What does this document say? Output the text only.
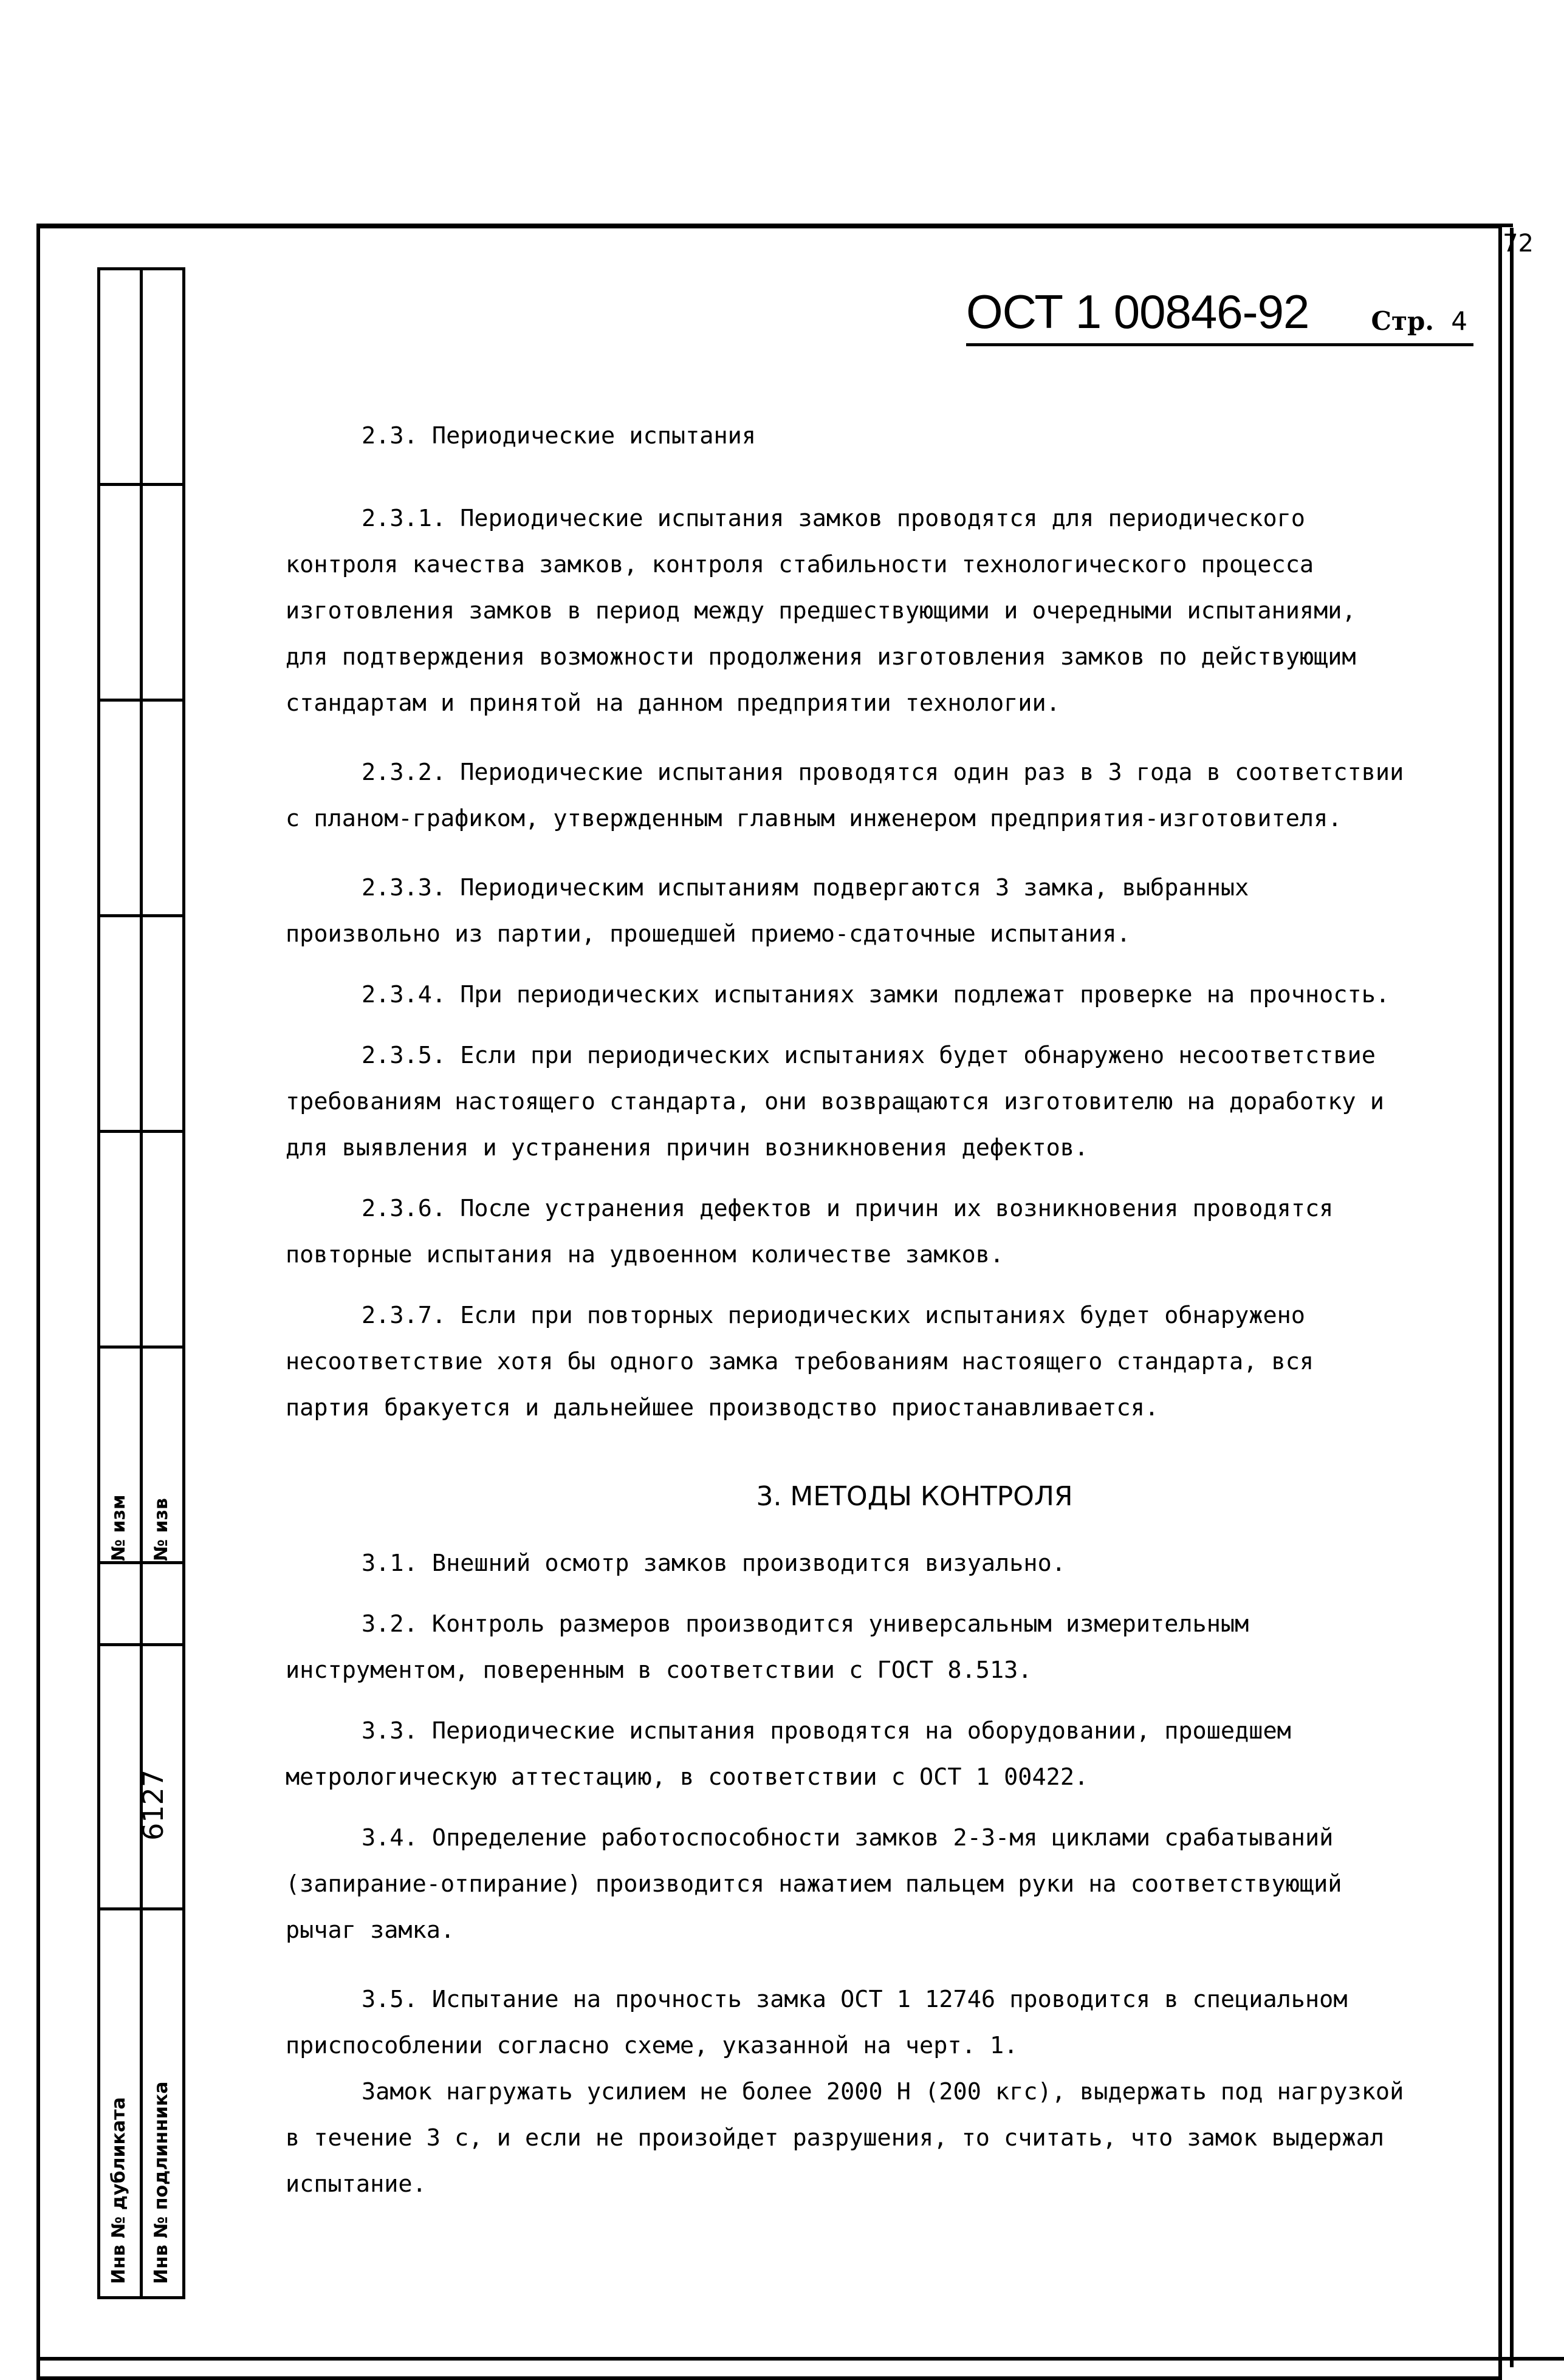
72
ОСТ 1 00846-92 Стр. 4
№ изм № изв
6127
Инв № дубликата Инв № подлинника

2.3. Периодические испытания

2.3.1. Периодические испытания замков проводятся для периодического контроля качества замков, контроля стабильности технологического процесса изготовления замков в период между предшествующими и очередными испытаниями, для подтверждения возможности продолжения изготовления замков по действующим стандартам и принятой на данном предприятии технологии.

2.3.2. Периодические испытания проводятся один раз в 3 года в соответствии с планом-графиком, утвержденным главным инженером предприятия-изготовителя.

2.3.3. Периодическим испытаниям подвергаются 3 замка, выбранных произвольно из партии, прошедшей приемо-сдаточные испытания.

2.3.4. При периодических испытаниях замки подлежат проверке на прочность.

2.3.5. Если при периодических испытаниях будет обнаружено несоответствие требованиям настоящего стандарта, они возвращаются изготовителю на доработку и для выявления и устранения причин возникновения дефектов.

2.3.6. После устранения дефектов и причин их возникновения проводятся повторные испытания на удвоенном количестве замков.

2.3.7. Если при повторных периодических испытаниях будет обнаружено несоответствие хотя бы одного замка требованиям настоящего стандарта, вся партия бракуется и дальнейшее производство приостанавливается.

3. МЕТОДЫ КОНТРОЛЯ

3.1. Внешний осмотр замков производится визуально.

3.2. Контроль размеров производится универсальным измерительным инструментом, поверенным в соответствии с ГОСТ 8.513.

3.3. Периодические испытания проводятся на оборудовании, прошедшем метрологическую аттестацию, в соответствии с ОСТ 1 00422.

3.4. Определение работоспособности замков 2-3-мя циклами срабатываний (запирание-отпирание) производится нажатием пальцем руки на соответствующий рычаг замка.

3.5. Испытание на прочность замка ОСТ 1 12746 проводится в специальном приспособлении согласно схеме, указанной на черт. 1.

Замок нагружать усилием не более 2000 Н (200 кгс), выдержать под нагрузкой в течение 3 с, и если не произойдет разрушения, то считать, что замок выдержал испытание.
